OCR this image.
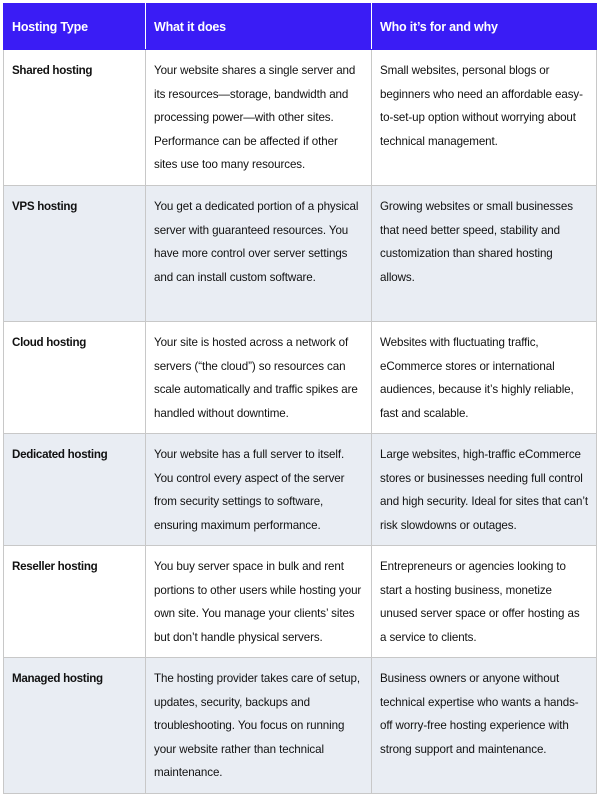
Hosting Type	What it does	Who it’s for and why
Shared hosting	Your website shares a single server and its resources—storage, bandwidth and processing power—with other sites. Performance can be affected if other sites use too many resources.	Small websites, personal blogs or beginners who need an affordable easy-to-set-up option without worrying about technical management.
VPS hosting	You get a dedicated portion of a physical server with guaranteed resources. You have more control over server settings and can install custom software.	Growing websites or small businesses that need better speed, stability and customization than shared hosting allows.
Cloud hosting	Your site is hosted across a network of servers (“the cloud”) so resources can scale automatically and traffic spikes are handled without downtime.	Websites with fluctuating traffic, eCommerce stores or international audiences, because it’s highly reliable, fast and scalable.
Dedicated hosting	Your website has a full server to itself. You control every aspect of the server from security settings to software, ensuring maximum performance.	Large websites, high-traffic eCommerce stores or businesses needing full control and high security. Ideal for sites that can’t risk slowdowns or outages.
Reseller hosting	You buy server space in bulk and rent portions to other users while hosting your own site. You manage your clients’ sites but don’t handle physical servers.	Entrepreneurs or agencies looking to start a hosting business, monetize unused server space or offer hosting as a service to clients.
Managed hosting	The hosting provider takes care of setup, updates, security, backups and troubleshooting. You focus on running your website rather than technical maintenance.	Business owners or anyone without technical expertise who wants a hands-off worry-free hosting experience with strong support and maintenance.
